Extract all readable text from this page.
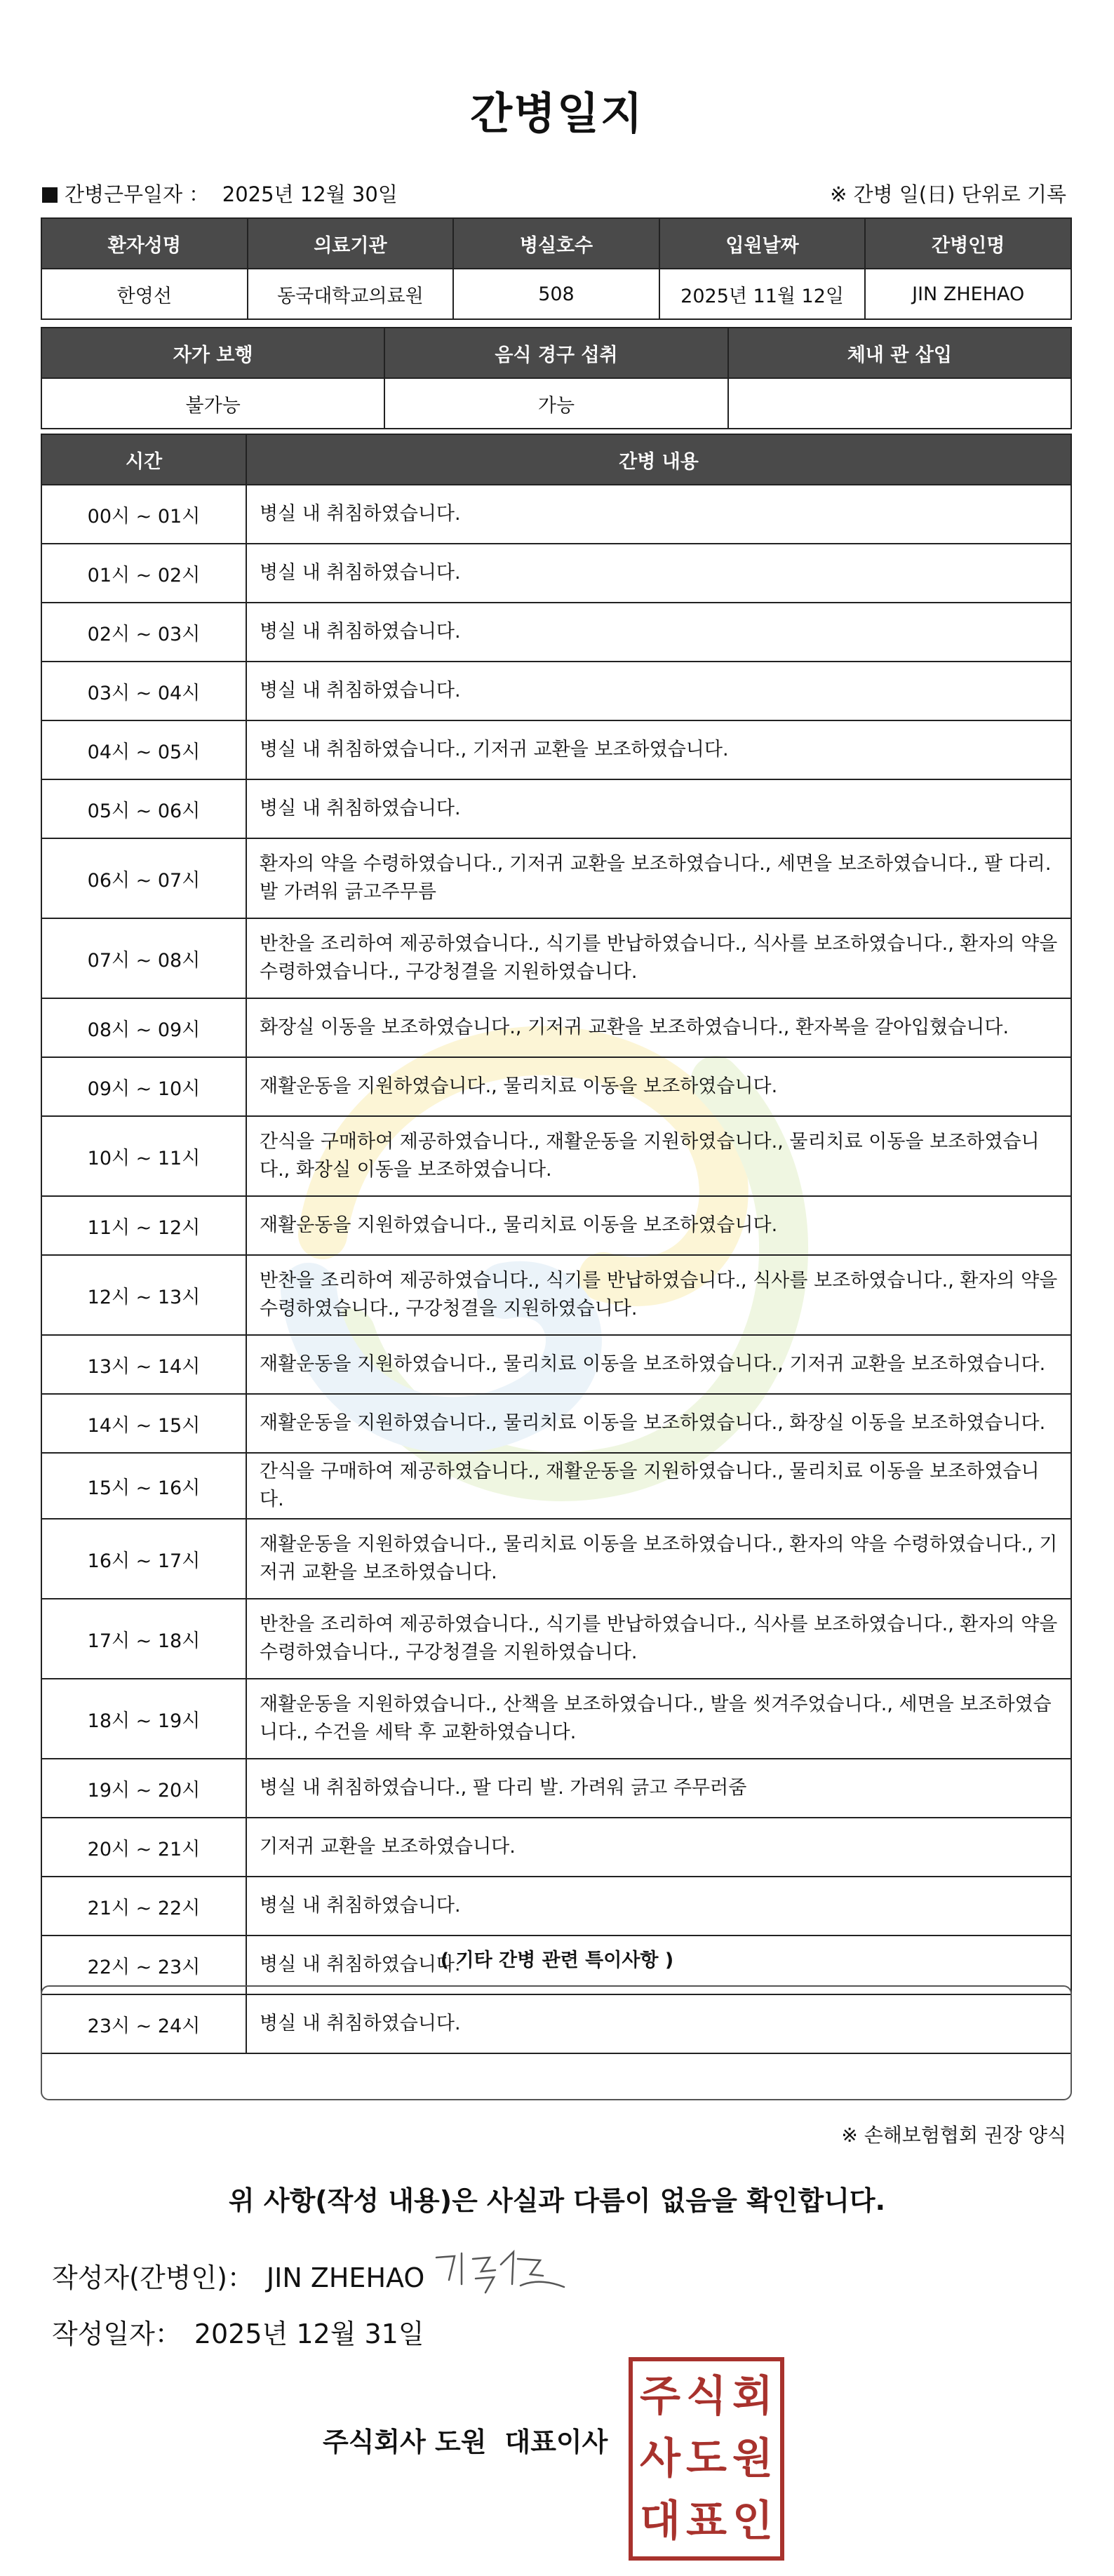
간병일지
간병근무일자 ： 2025년 12월 30일	※ 간병 일(日) 단위로 기록
환자성명	의료기관	병실호수	입원날짜	간병인명
한영선	동국대학교의료원	508	2025년 11월 12일	JIN ZHEHAO
자가 보행	음식 경구 섭취	체내 관 삽입
불가능	가능	
시간	간병 내용
00시 ~ 01시	병실 내 취침하였습니다.
01시 ~ 02시	병실 내 취침하였습니다.
02시 ~ 03시	병실 내 취침하였습니다.
03시 ~ 04시	병실 내 취침하였습니다.
04시 ~ 05시	병실 내 취침하였습니다., 기저귀 교환을 보조하였습니다.
05시 ~ 06시	병실 내 취침하였습니다.
06시 ~ 07시	환자의 약을 수령하였습니다., 기저귀 교환을 보조하였습니다., 세면을 보조하였습니다., 팔 다리.발 가려워 긁고주무름
07시 ~ 08시	반찬을 조리하여 제공하였습니다., 식기를 반납하였습니다., 식사를 보조하였습니다., 환자의 약을 수령하였습니다., 구강청결을 지원하였습니다.
08시 ~ 09시	화장실 이동을 보조하였습니다., 기저귀 교환을 보조하였습니다., 환자복을 갈아입혔습니다.
09시 ~ 10시	재활운동을 지원하였습니다., 물리치료 이동을 보조하였습니다.
10시 ~ 11시	간식을 구매하여 제공하였습니다., 재활운동을 지원하였습니다., 물리치료 이동을 보조하였습니다., 화장실 이동을 보조하였습니다.
11시 ~ 12시	재활운동을 지원하였습니다., 물리치료 이동을 보조하였습니다.
12시 ~ 13시	반찬을 조리하여 제공하였습니다., 식기를 반납하였습니다., 식사를 보조하였습니다., 환자의 약을 수령하였습니다., 구강청결을 지원하였습니다.
13시 ~ 14시	재활운동을 지원하였습니다., 물리치료 이동을 보조하였습니다., 기저귀 교환을 보조하였습니다.
14시 ~ 15시	재활운동을 지원하였습니다., 물리치료 이동을 보조하였습니다., 화장실 이동을 보조하였습니다.
15시 ~ 16시	간식을 구매하여 제공하였습니다., 재활운동을 지원하였습니다., 물리치료 이동을 보조하였습니다.
16시 ~ 17시	재활운동을 지원하였습니다., 물리치료 이동을 보조하였습니다., 환자의 약을 수령하였습니다., 기저귀 교환을 보조하였습니다.
17시 ~ 18시	반찬을 조리하여 제공하였습니다., 식기를 반납하였습니다., 식사를 보조하였습니다., 환자의 약을 수령하였습니다., 구강청결을 지원하였습니다.
18시 ~ 19시	재활운동을 지원하였습니다., 산책을 보조하였습니다., 발을 씻겨주었습니다., 세면을 보조하였습니다., 수건을 세탁 후 교환하였습니다.
19시 ~ 20시	병실 내 취침하였습니다., 팔 다리 발. 가려워 긁고 주무러줌
20시 ~ 21시	기저귀 교환을 보조하였습니다.
21시 ~ 22시	병실 내 취침하였습니다.
22시 ~ 23시	병실 내 취침하였습니다.
23시 ~ 24시	병실 내 취침하였습니다.
( 기타 간병 관련 특이사항 )
※ 손해보험협회 권장 양식
위 사항(작성 내용)은 사실과 다름이 없음을 확인합니다.
작성자(간병인)： JIN ZHEHAO
작성일자： 2025년 12월 31일
주식회사 도원 대표이사
주 식 회
사 도 원
대 표 인
